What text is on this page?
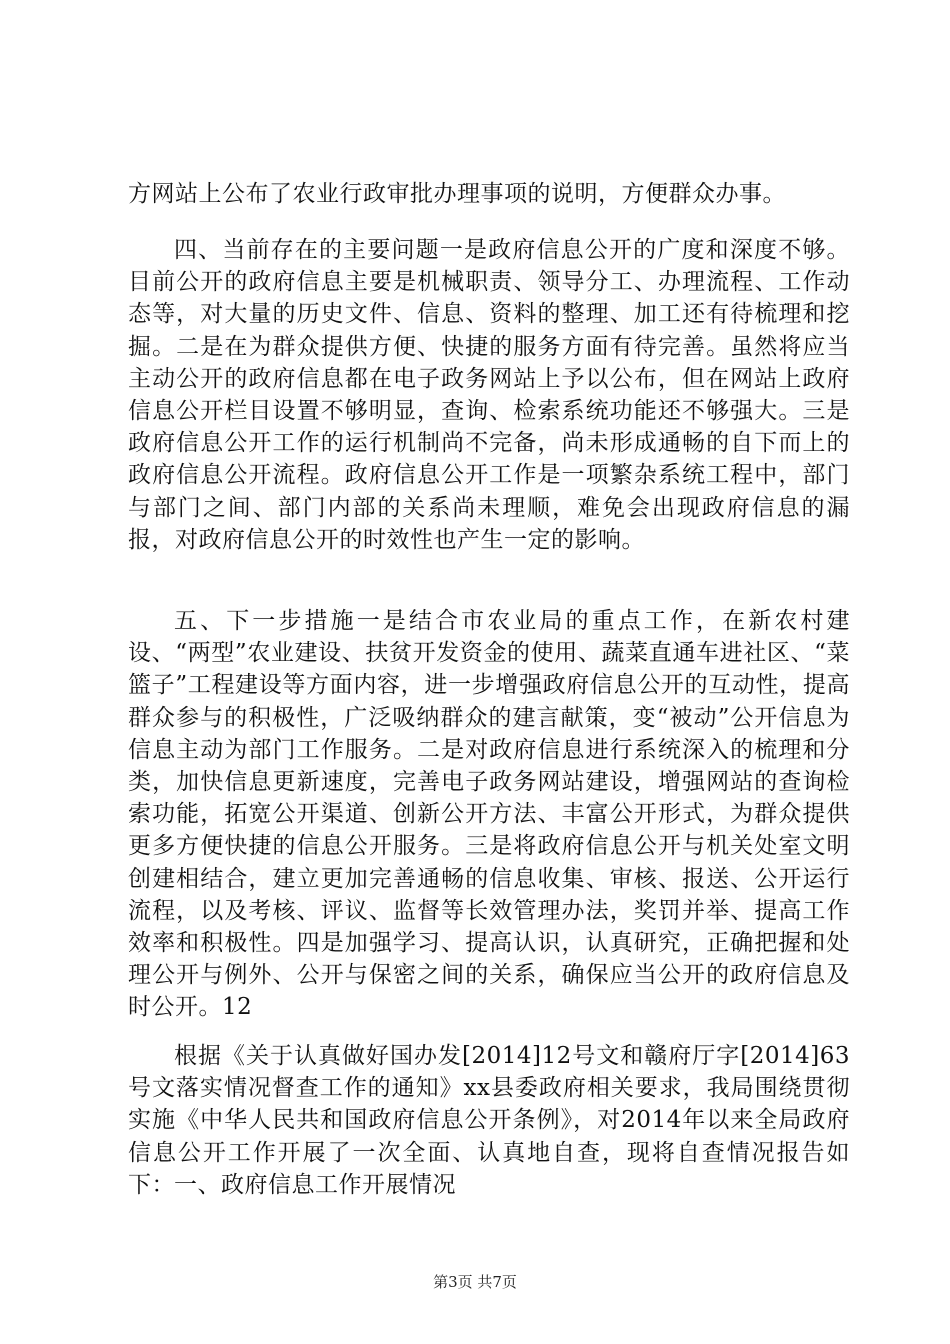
方网站上公布了农业行政审批办理事项的说明，方便群众办事。

四、当前存在的主要问题一是政府信息公开的广度和深度不够。目前公开的政府信息主要是机械职责、领导分工、办理流程、工作动态等，对大量的历史文件、信息、资料的整理、加工还有待梳理和挖掘。二是在为群众提供方便、快捷的服务方面有待完善。虽然将应当主动公开的政府信息都在电子政务网站上予以公布，但在网站上政府信息公开栏目设置不够明显，查询、检索系统功能还不够强大。三是政府信息公开工作的运行机制尚不完备，尚未形成通畅的自下而上的政府信息公开流程。政府信息公开工作是一项繁杂系统工程中，部门与部门之间、部门内部的关系尚未理顺，难免会出现政府信息的漏报，对政府信息公开的时效性也产生一定的影响。

五、下一步措施一是结合市农业局的重点工作，在新农村建设、“两型”农业建设、扶贫开发资金的使用、蔬菜直通车进社区、“菜篮子”工程建设等方面内容，进一步增强政府信息公开的互动性，提高群众参与的积极性，广泛吸纳群众的建言献策，变“被动”公开信息为信息主动为部门工作服务。二是对政府信息进行系统深入的梳理和分类，加快信息更新速度，完善电子政务网站建设，增强网站的查询检索功能，拓宽公开渠道、创新公开方法、丰富公开形式，为群众提供更多方便快捷的信息公开服务。三是将政府信息公开与机关处室文明创建相结合，建立更加完善通畅的信息收集、审核、报送、公开运行流程，以及考核、评议、监督等长效管理办法，奖罚并举、提高工作效率和积极性。四是加强学习、提高认识，认真研究，正确把握和处理公开与例外、公开与保密之间的关系，确保应当公开的政府信息及时公开。12

根据《关于认真做好国办发[2014]12号文和赣府厅字[2014]63号文落实情况督查工作的通知》xx县委政府相关要求，我局围绕贯彻实施《中华人民共和国政府信息公开条例》，对2014年以来全局政府信息公开工作开展了一次全面、认真地自查，现将自查情况报告如下： 一、政府信息工作开展情况

第3页 共7页
